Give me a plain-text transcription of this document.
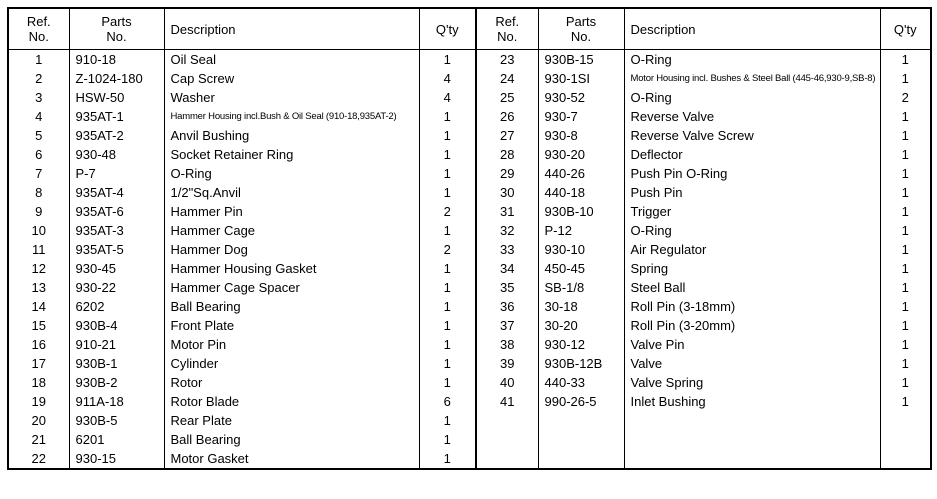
Ref.
No.	Parts
No.	Description	Q'ty	Ref.
No.	Parts
No.	Description	Q'ty
1	910-18	Oil Seal	1	23	930B-15	O-Ring	1
2	Z-1024-180	Cap Screw	4	24	930-1SI	Motor Housing incl. Bushes & Steel Ball (445-46,930-9,SB-8)	1
3	HSW-50	Washer	4	25	930-52	O-Ring	2
4	935AT-1	Hammer Housing incl.Bush & Oil Seal (910-18,935AT-2)	1	26	930-7	Reverse Valve	1
5	935AT-2	Anvil Bushing	1	27	930-8	Reverse Valve Screw	1
6	930-48	Socket Retainer Ring	1	28	930-20	Deflector	1
7	P-7	O-Ring	1	29	440-26	Push Pin O-Ring	1
8	935AT-4	1/2"Sq.Anvil	1	30	440-18	Push Pin	1
9	935AT-6	Hammer Pin	2	31	930B-10	Trigger	1
10	935AT-3	Hammer Cage	1	32	P-12	O-Ring	1
11	935AT-5	Hammer Dog	2	33	930-10	Air Regulator	1
12	930-45	Hammer Housing Gasket	1	34	450-45	Spring	1
13	930-22	Hammer Cage Spacer	1	35	SB-1/8	Steel Ball	1
14	6202	Ball Bearing	1	36	30-18	Roll Pin (3-18mm)	1
15	930B-4	Front Plate	1	37	30-20	Roll Pin (3-20mm)	1
16	910-21	Motor Pin	1	38	930-12	Valve Pin	1
17	930B-1	Cylinder	1	39	930B-12B	Valve	1
18	930B-2	Rotor	1	40	440-33	Valve Spring	1
19	911A-18	Rotor Blade	6	41	990-26-5	Inlet Bushing	1
20	930B-5	Rear Plate	1				
21	6201	Ball Bearing	1				
22	930-15	Motor Gasket	1				
